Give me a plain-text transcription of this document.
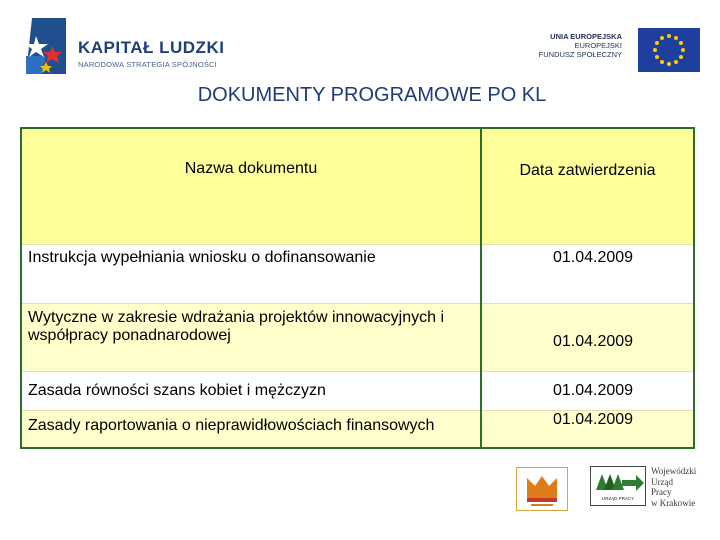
KAPITAŁ LUDZKI
NARODOWA STRATEGIA SPÓJNOŚCI
UNIA EUROPEJSKA
EUROPEJSKI
FUNDUSZ SPOŁECZNY
DOKUMENTY PROGRAMOWE PO KL
Nazwa dokumentu	Data zatwierdzenia
Instrukcja wypełniania wniosku o dofinansowanie	01.04.2009
Wytyczne w zakresie wdrażania projektów innowacyjnych i współpracy ponadnarodowej	01.04.2009
Zasada równości szans kobiet i mężczyzn	01.04.2009
Zasady raportowania o nieprawidłowościach finansowych	01.04.2009
URZĄD PRACY
Wojewódzki
Urząd
Pracy
w Krakowie
